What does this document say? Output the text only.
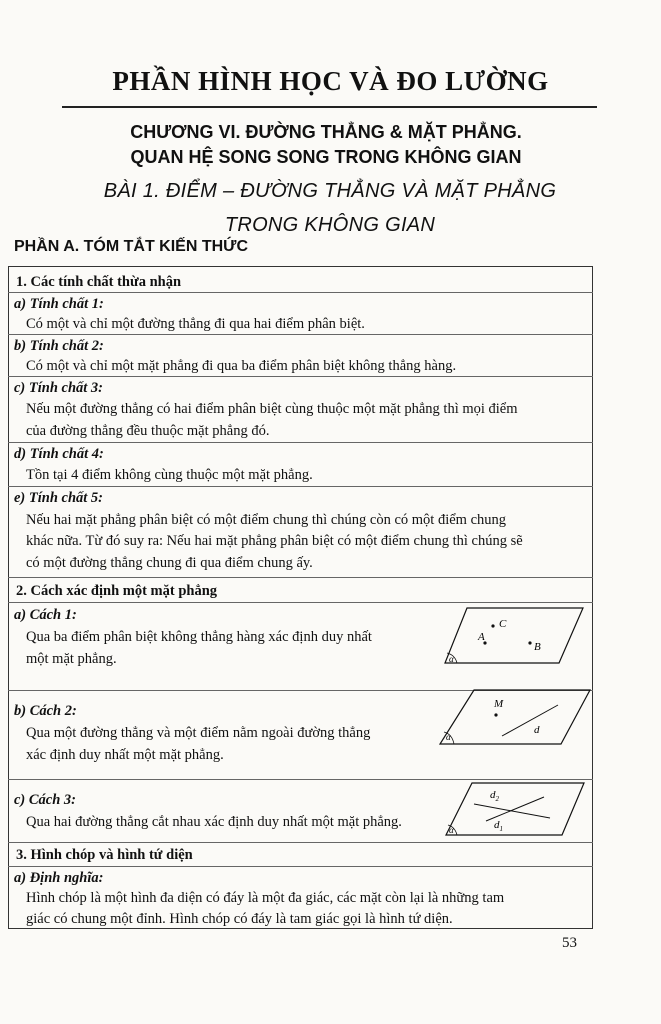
PHẦN HÌNH HỌC VÀ ĐO LƯỜNG
CHƯƠNG VI. ĐƯỜNG THẲNG & MẶT PHẲNG.
QUAN HỆ SONG SONG TRONG KHÔNG GIAN
BÀI 1. ĐIỂM – ĐƯỜNG THẲNG VÀ MẶT PHẲNG
TRONG KHÔNG GIAN
PHẦN A. TÓM TẮT KIẾN THỨC
1. Các tính chất thừa nhận
a) Tính chất 1:
Có một và chỉ một đường thẳng đi qua hai điểm phân biệt.
b) Tính chất 2:
Có một và chỉ một mặt phẳng đi qua ba điểm phân biệt không thẳng hàng.
c) Tính chất 3:
Nếu một đường thẳng có hai điểm phân biệt cùng thuộc một mặt phẳng thì mọi điểm
của đường thẳng đều thuộc mặt phẳng đó.
d) Tính chất 4:
Tồn tại 4 điểm không cùng thuộc một mặt phẳng.
e) Tính chất 5:
Nếu hai mặt phẳng phân biệt có một điểm chung thì chúng còn có một điểm chung
khác nữa. Từ đó suy ra: Nếu hai mặt phẳng phân biệt có một điểm chung thì chúng sẽ
có một đường thẳng chung đi qua điểm chung ấy.
2. Cách xác định một mặt phẳng
a) Cách 1:
Qua ba điểm phân biệt không thẳng hàng xác định duy nhất
một mặt phẳng.	α
C
A
B
b) Cách 2:
Qua một đường thẳng và một điểm nằm ngoài đường thẳng
xác định duy nhất một mặt phẳng.
α
M
d
c) Cách 3:
Qua hai đường thẳng cắt nhau xác định duy nhất một mặt phẳng.	α
$d_2$
$d_1$
3. Hình chóp và hình tứ diện
a) Định nghĩa:
Hình chóp là một hình đa diện có đáy là một đa giác, các mặt còn lại là những tam
giác có chung một đỉnh. Hình chóp có đáy là tam giác gọi là hình tứ diện.
53
